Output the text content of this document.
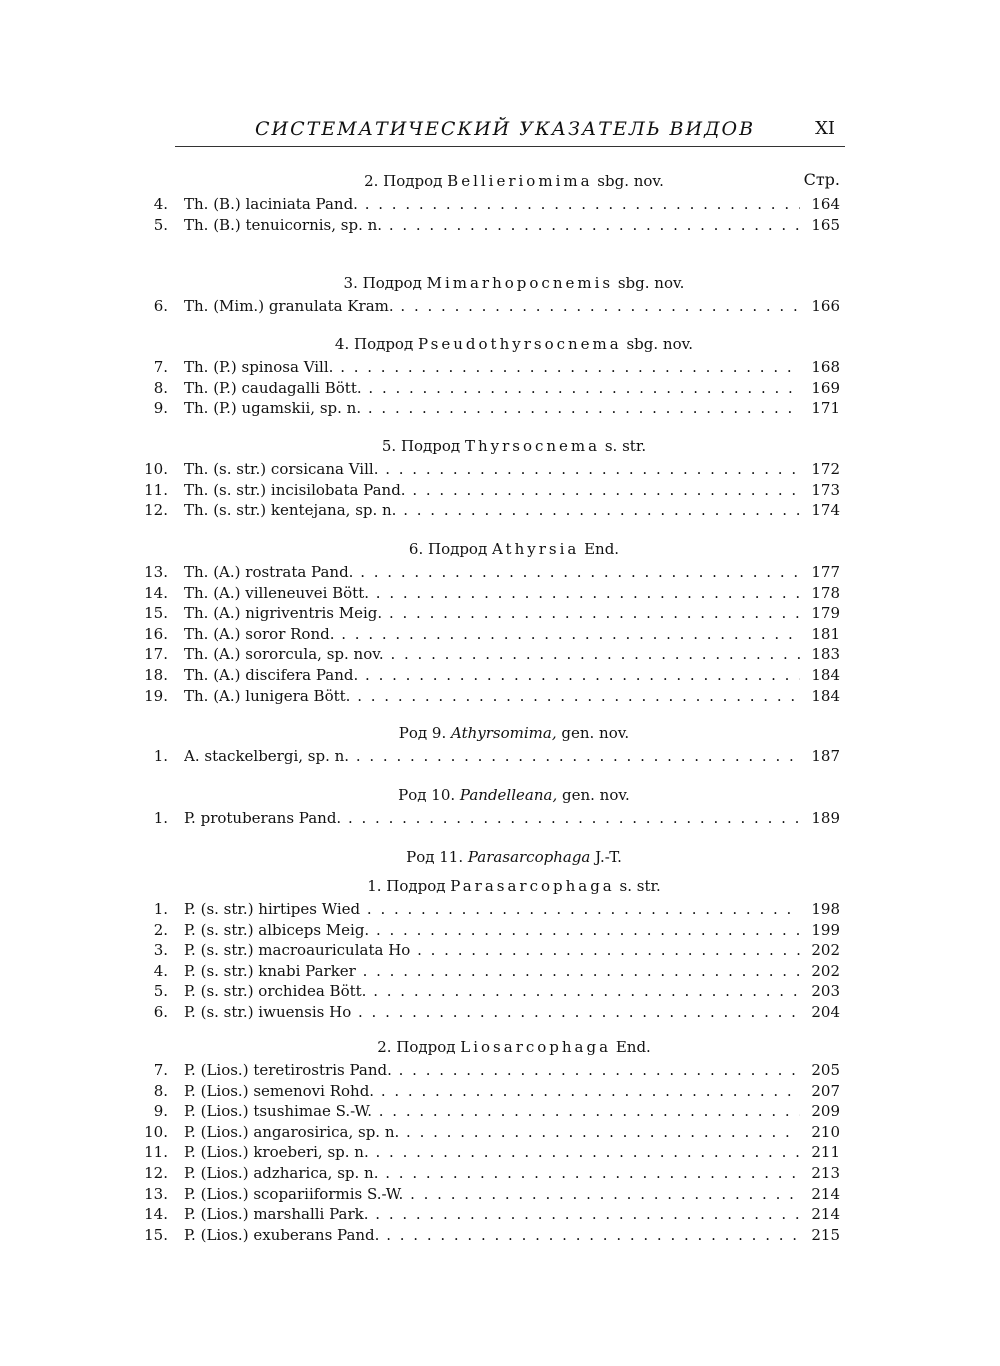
СИСТЕМАТИЧЕСКИЙ УКАЗАТЕЛЬ ВИДОВ	XI
Стр.
2. Подрод Bellieriomima sbg. nov.
4. Th. (B.) laciniata Pand. . . .	164
5. Th. (B.) tenuicornis, sp. n. . . .	165
3. Подрод Mimarhopocnemis sbg. nov.
6. Th. (Mim.) granulata Kram. . . .	166
4. Подрод Pseudothyrsocnema sbg. nov.
7. Th. (P.) spinosa Vill. . . .	168
8. Th. (P.) caudagalli Bött. . . .	169
9. Th. (P.) ugamskii, sp. n. . . .	171
5. Подрод Thyrsocnema s. str.
10. Th. (s. str.) corsicana Vill. . . .	172
11. Th. (s. str.) incisilobata Pand. . . .	173
12. Th. (s. str.) kentejana, sp. n. . . .	174
6. Подрод Athyrsia End.
13. Th. (A.) rostrata Pand. . . .	177
14. Th. (A.) villeneuvei Bött. . . .	178
15. Th. (A.) nigriventris Meig. . . .	179
16. Th. (A.) soror Rond. . . .	181
17. Th. (A.) sororcula, sp. nov. . . .	183
18. Th. (A.) discifera Pand. . . .	184
19. Th. (A.) lunigera Bött. . . .	184
Род 9. Athyrsomima, gen. nov.
1. A. stackelbergi, sp. n. . . .	187
Род 10. Pandelleana, gen. nov.
1. P. protuberans Pand. . . .	189
Род 11. Parasarcophaga J.-T.
1. Подрод Parasarcophaga s. str.
1. P. (s. str.) hirtipes Wied . . .	198
2. P. (s. str.) albiceps Meig. . . .	199
3. P. (s. str.) macroauriculata Ho . . .	202
4. P. (s. str.) knabi Parker . . .	202
5. P. (s. str.) orchidea Bött. . . .	203
6. P. (s. str.) iwuensis Ho . . .	204
2. Подрод Liosarcophaga End.
7. P. (Lios.) teretirostris Pand. . . .	205
8. P. (Lios.) semenovi Rohd. . . .	207
9. P. (Lios.) tsushimae S.-W. . . .	209
10. P. (Lios.) angarosirica, sp. n. . . .	210
11. P. (Lios.) kroeberi, sp. n. . . .	211
12. P. (Lios.) adzharica, sp. n. . . .	213
13. P. (Lios.) scopariiformis S.-W. . . .	214
14. P. (Lios.) marshalli Park. . . .	214
15. P. (Lios.) exuberans Pand. . . .	215
